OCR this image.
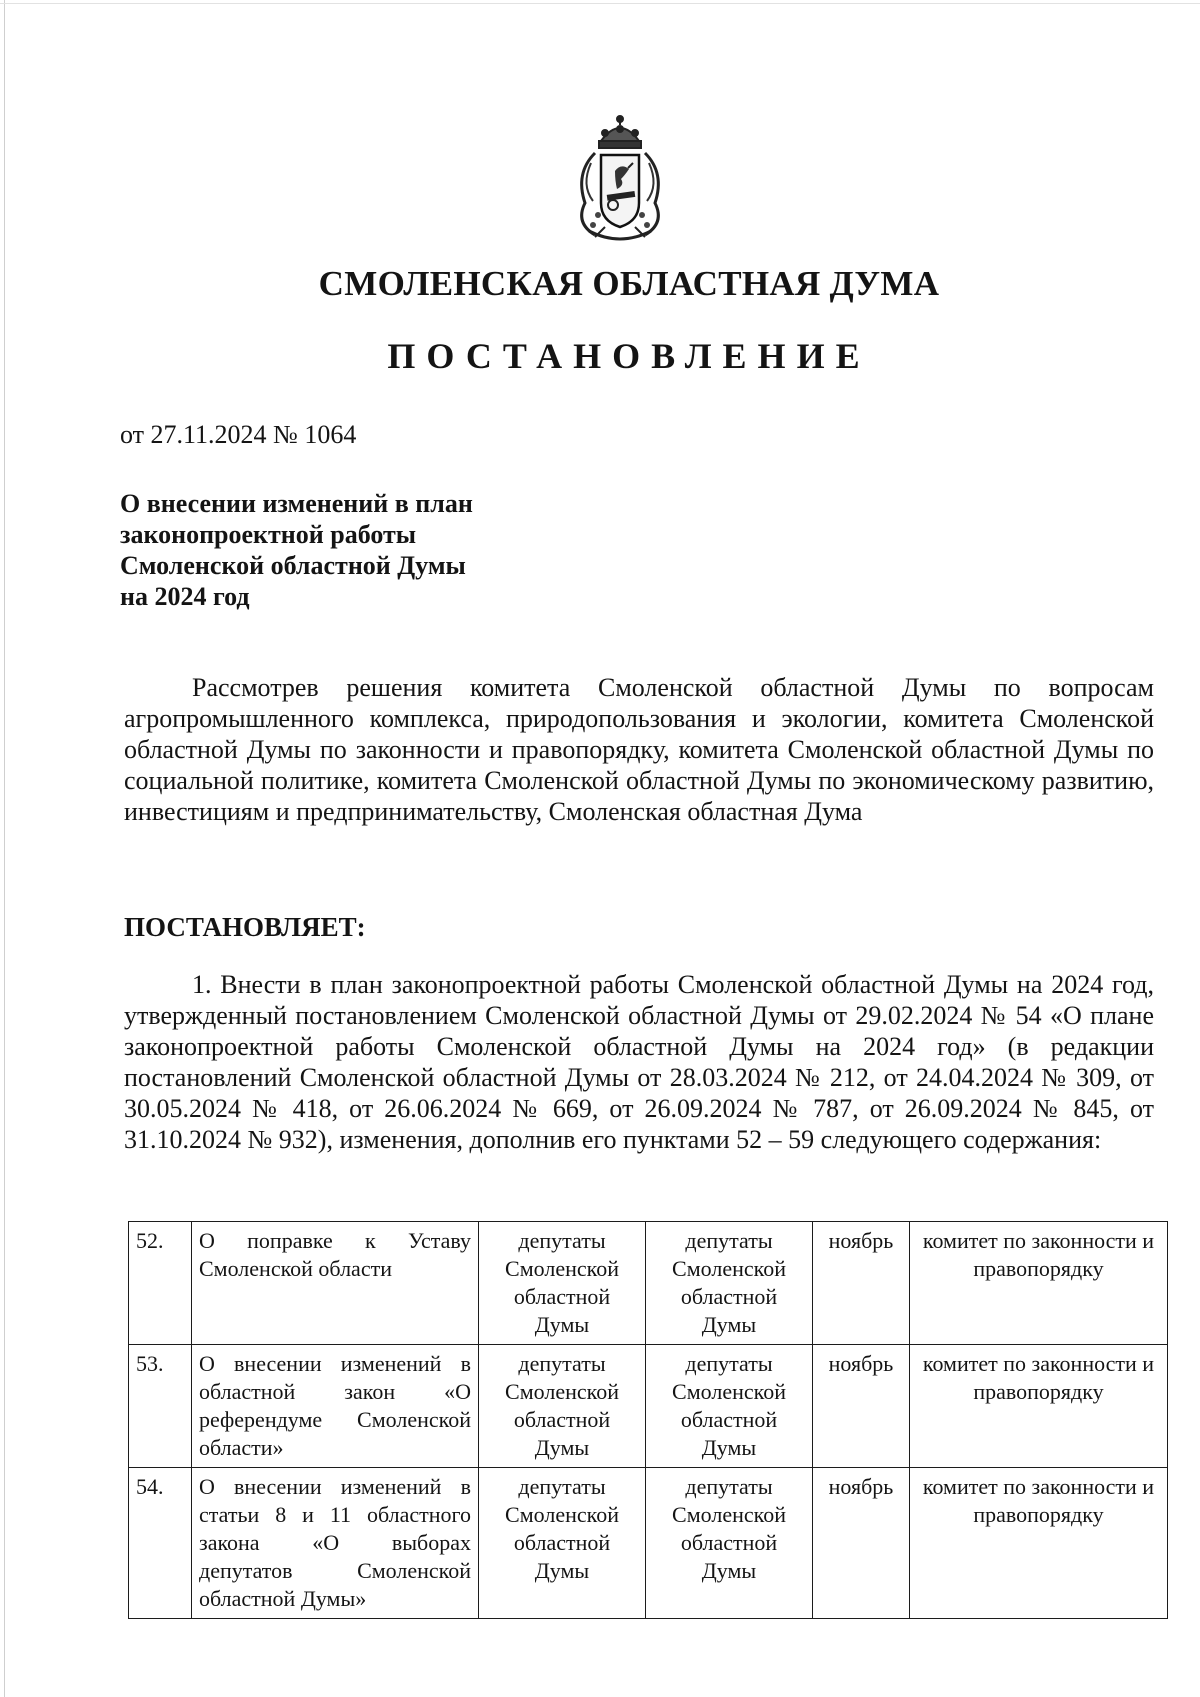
СМОЛЕНСКАЯ ОБЛАСТНАЯ ДУМА
ПОСТАНОВЛЕНИЕ
от 27.11.2024 № 1064
О внесении изменений в план
законопроектной работы
Смоленской областной Думы
на 2024 год
Рассмотрев решения комитета Смоленской областной Думы по вопросам агропромышленного комплекса, природопользования и экологии, комитета Смоленской областной Думы по законности и правопорядку, комитета Смоленской областной Думы по социальной политике, комитета Смоленской областной Думы по экономическому развитию, инвестициям и предпринимательству, Смоленская областная Дума
ПОСТАНОВЛЯЕТ:
1. Внести в план законопроектной работы Смоленской областной Думы на 2024 год, утвержденный постановлением Смоленской областной Думы от 29.02.2024 № 54 «О плане законопроектной работы Смоленской областной Думы на 2024 год» (в редакции постановлений Смоленской областной Думы от 28.03.2024 № 212, от 24.04.2024 № 309, от 30.05.2024 № 418, от 26.06.2024 № 669, от 26.09.2024 № 787, от 26.09.2024 № 845, от 31.10.2024 № 932), изменения, дополнив его пунктами 52 – 59 следующего содержания:
52.	О поправке к Уставу Смоленской области	депутаты Смоленской областной Думы	депутаты Смоленской областной Думы	ноябрь	комитет по законности и правопорядку
53.	О внесении изменений в областной закон «О референдуме Смоленской области»	депутаты Смоленской областной Думы	депутаты Смоленской областной Думы	ноябрь	комитет по законности и правопорядку
54.	О внесении изменений в статьи 8 и 11 областного закона «О выборах депутатов Смоленской областной Думы»	депутаты Смоленской областной Думы	депутаты Смоленской областной Думы	ноябрь	комитет по законности и правопорядку
